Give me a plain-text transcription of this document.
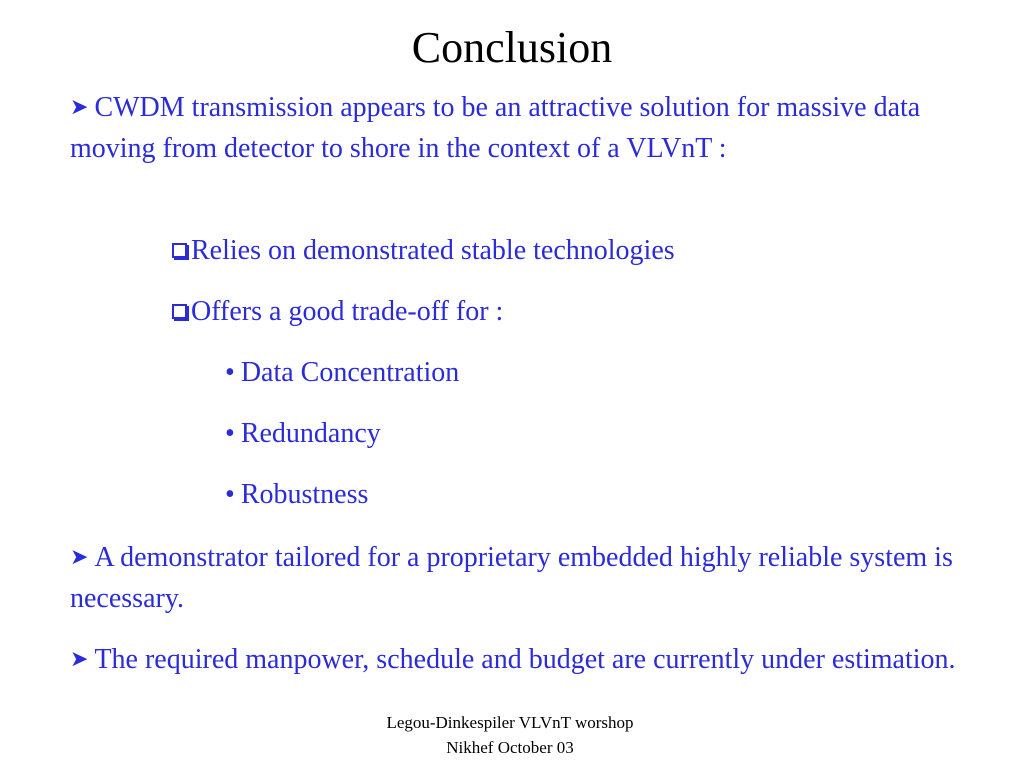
Conclusion
➤ CWDM transmission appears to be an attractive solution for massive data moving from detector to shore in the context of a VLVnT :
Relies on demonstrated stable technologies
Offers a good trade-off for :
• Data Concentration
• Redundancy
• Robustness
➤ A demonstrator tailored for a proprietary embedded highly reliable system is necessary.
➤ The required manpower, schedule and budget are currently under estimation.
Legou-Dinkespiler VLVnT worshop
Nikhef October 03
